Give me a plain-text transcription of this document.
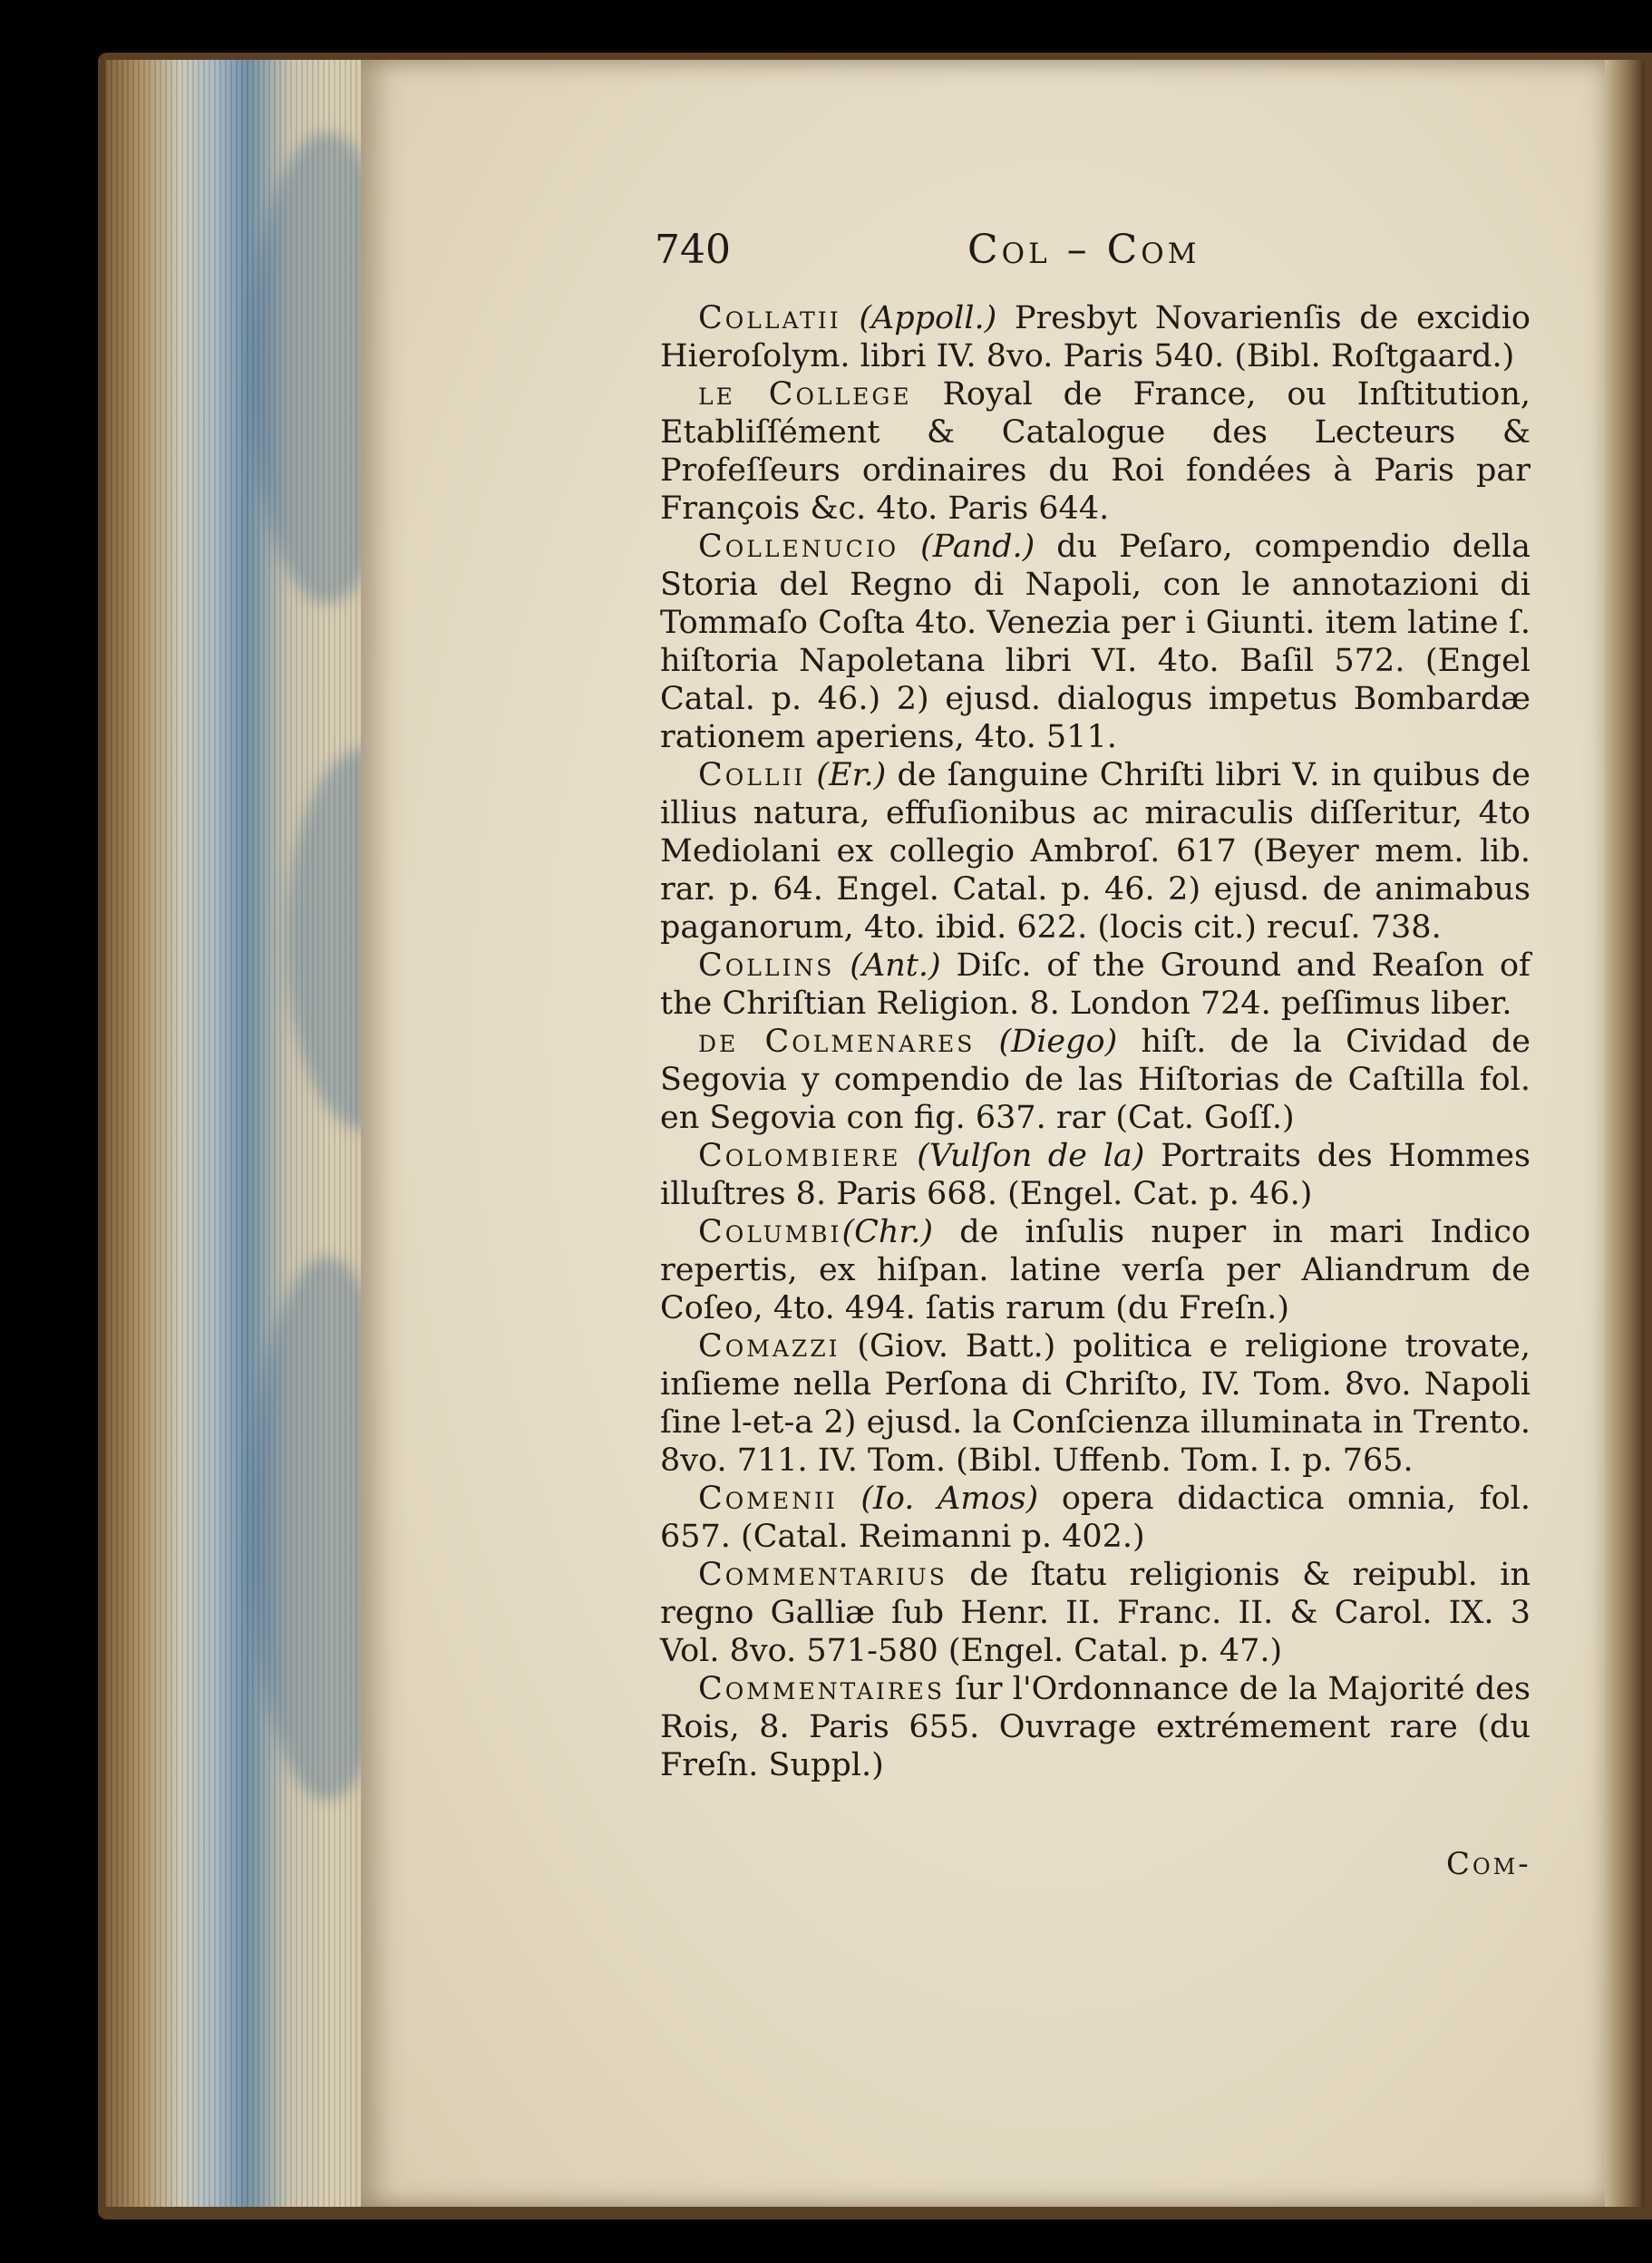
740	Col – Com

Collatii (Appoll.) Presbyt Novarienſis de excidio Hieroſolym. libri IV. 8vo. Paris 540. (Bibl. Roſtgaard.)

le College Royal de France, ou Inſtitution, Etabliſſément & Catalogue des Lecteurs & Profeſſeurs ordinaires du Roi fondées à Paris par François &c. 4to. Paris 644.

Collenucio (Pand.) du Peſaro, compendio della Storia del Regno di Napoli, con le annotazioni di Tommaſo Coſta 4to. Venezia per i Giunti. item latine ſ. hiſtoria Napoletana libri VI. 4to. Baſil 572. (Engel Catal. p. 46.) 2) ejusd. dialogus impetus Bombardæ rationem aperiens, 4to. 511.

Collii (Er.) de ſanguine Chriſti libri V. in quibus de illius natura, effuſionibus ac miraculis diſſeritur, 4to Mediolani ex collegio Ambroſ. 617 (Beyer mem. lib. rar. p. 64. Engel. Catal. p. 46. 2) ejusd. de animabus paganorum, 4to. ibid. 622. (locis cit.) recuſ. 738.

Collins (Ant.) Diſc. of the Ground and Reaſon of the Chriſtian Religion. 8. London 724. peſſimus liber.

de Colmenares (Diego) hiſt. de la Cividad de Segovia y compendio de las Hiſtorias de Caſtilla fol. en Segovia con fig. 637. rar (Cat. Goſſ.)

Colombiere (Vulſon de la) Portraits des Hommes illuſtres 8. Paris 668. (Engel. Cat. p. 46.)

Columbi(Chr.) de inſulis nuper in mari Indico repertis, ex hiſpan. latine verſa per Aliandrum de Coſeo, 4to. 494. ſatis rarum (du Freſn.)

Comazzi (Giov. Batt.) politica e religione trovate, inſieme nella Perſona di Chriſto, IV. Tom. 8vo. Napoli ſine l-et-a 2) ejusd. la Conſcienza illuminata in Trento. 8vo. 711. IV. Tom. (Bibl. Uffenb. Tom. I. p. 765.

Comenii (Io. Amos) opera didactica omnia, fol. 657. (Catal. Reimanni p. 402.)

Commentarius de ſtatu religionis & reipubl. in regno Galliæ ſub Henr. II. Franc. II. & Carol. IX. 3 Vol. 8vo. 571-580 (Engel. Catal. p. 47.)

Commentaires ſur l'Ordonnance de la Majorité des Rois, 8. Paris 655. Ouvrage extrémement rare (du Freſn. Suppl.)

Com-
